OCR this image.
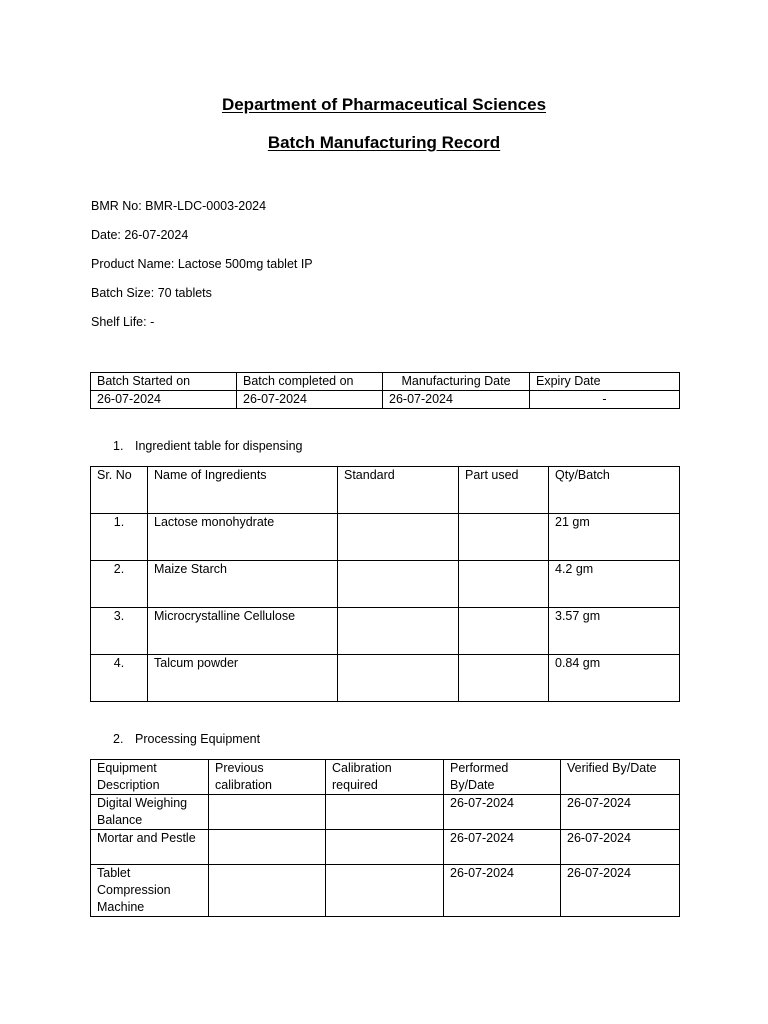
Department of Pharmaceutical Sciences
Batch Manufacturing Record
BMR No: BMR-LDC-0003-2024
Date: 26-07-2024
Product Name: Lactose 500mg tablet IP
Batch Size: 70 tablets
Shelf Life: -
Batch Started on	Batch completed on	Manufacturing Date	Expiry Date
26-07-2024	26-07-2024	26-07-2024	-
1. Ingredient table for dispensing
Sr. No	Name of Ingredients	Standard	Part used	Qty/Batch
1.	Lactose monohydrate			21 gm
2.	Maize Starch			4.2 gm
3.	Microcrystalline Cellulose			3.57 gm
4.	Talcum powder			0.84 gm
2. Processing Equipment
Equipment Description	Previous calibration	Calibration required	Performed By/Date	Verified By/Date
Digital Weighing Balance			26-07-2024	26-07-2024
Mortar and Pestle			26-07-2024	26-07-2024
Tablet Compression Machine			26-07-2024	26-07-2024
